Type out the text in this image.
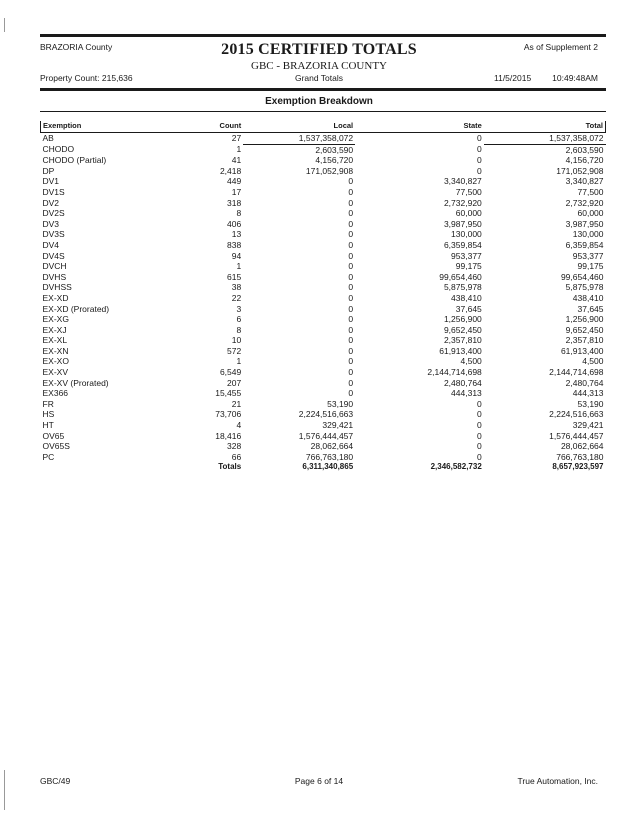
BRAZORIA County	As of Supplement 2
2015 CERTIFIED TOTALS
GBC - BRAZORIA COUNTY
Property Count: 215,636	Grand Totals	11/5/2015 10:49:48AM
Exemption Breakdown
Exemption	Count	Local	State	Total
AB	27	1,537,358,072	0	1,537,358,072
CHODO	1	2,603,590	0	2,603,590
CHODO (Partial)	41	4,156,720	0	4,156,720
DP	2,418	171,052,908	0	171,052,908
DV1	449	0	3,340,827	3,340,827
DV1S	17	0	77,500	77,500
DV2	318	0	2,732,920	2,732,920
DV2S	8	0	60,000	60,000
DV3	406	0	3,987,950	3,987,950
DV3S	13	0	130,000	130,000
DV4	838	0	6,359,854	6,359,854
DV4S	94	0	953,377	953,377
DVCH	1	0	99,175	99,175
DVHS	615	0	99,654,460	99,654,460
DVHSS	38	0	5,875,978	5,875,978
EX-XD	22	0	438,410	438,410
EX-XD (Prorated)	3	0	37,645	37,645
EX-XG	6	0	1,256,900	1,256,900
EX-XJ	8	0	9,652,450	9,652,450
EX-XL	10	0	2,357,810	2,357,810
EX-XN	572	0	61,913,400	61,913,400
EX-XO	1	0	4,500	4,500
EX-XV	6,549	0	2,144,714,698	2,144,714,698
EX-XV (Prorated)	207	0	2,480,764	2,480,764
EX366	15,455	0	444,313	444,313
FR	21	53,190	0	53,190
HS	73,706	2,224,516,663	0	2,224,516,663
HT	4	329,421	0	329,421
OV65	18,416	1,576,444,457	0	1,576,444,457
OV65S	328	28,062,664	0	28,062,664
PC	66	766,763,180	0	766,763,180
	Totals	6,311,340,865	2,346,582,732	8,657,923,597
GBC/49	Page 6 of 14	True Automation, Inc.
